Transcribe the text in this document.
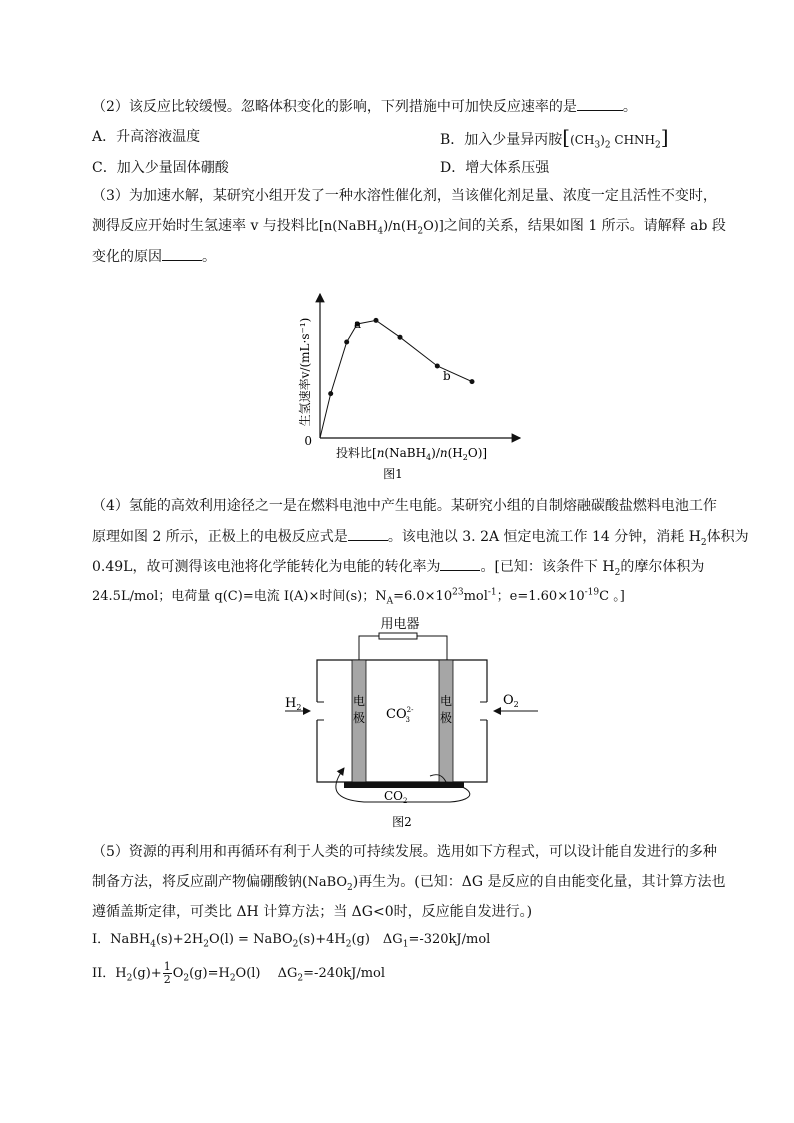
（2）该反应比较缓慢。忽略体积变化的影响，下列措施中可加快反应速率的是	。
A．升高溶液温度	B．加入少量异丙胺[$(CH_3)_2$ $CHNH_2$]
C．加入少量固体硼酸	D．增大体系压强
（3）为加速水解，某研究小组开发了一种水溶性催化剂，当该催化剂足量、浓度一定且活性不变时，
测得反应开始时生氢速率 v 与投料比$[n(NaBH_4)/n(H_2O)]$之间的关系，结果如图 1 所示。请解释 ab 段
变化的原因	。
0
生氢速率v/(mL·s⁻¹)
投料比$[n(NaBH_4)/n(H_2O)]$
a
b
图1
（4）氢能的高效利用途径之一是在燃料电池中产生电能。某研究小组的自制熔融碳酸盐燃料电池工作
原理如图 2 所示，正极上的电极反应式是	。该电池以 3. 2A 恒定电流工作 14 分钟，消耗 $H_2$体积为
0.49L，故可测得该电池将化学能转化为电能的转化率为	。[已知：该条件下 $H_2$的摩尔体积为
24.5L/mol；电荷量 q(C)=电流 I(A)×时间(s)；$N_A=6.0\times 10^{23}mol^{-1}$；$e=1.60\times 10^{-19}C$ 。]
用电器
电
极
电
极
$CO^{2-}3$
$H_2$	$O_2$
$CO_2$
图2
（5）资源的再利用和再循环有利于人类的可持续发展。选用如下方程式，可以设计能自发进行的多种
制备方法，将反应副产物偏硼酸钠(NaBO$_2$)再生为。(已知：ΔG 是反应的自由能变化量，其计算方法也
遵循盖斯定律，可类比 ΔH 计算方法；当 ΔG<0时，反应能自发进行。)
I．$NaBH_4(s)+2H_2O(l)$ = $NaBO_2(s)+4H_2(g)$　$\Delta G_1=-320kJ$/mol
II．$H_2(g)+ \frac{1}{2} O_2(g)=H_2O(l)$　 $\Delta G_2=-240kJ$/mol
